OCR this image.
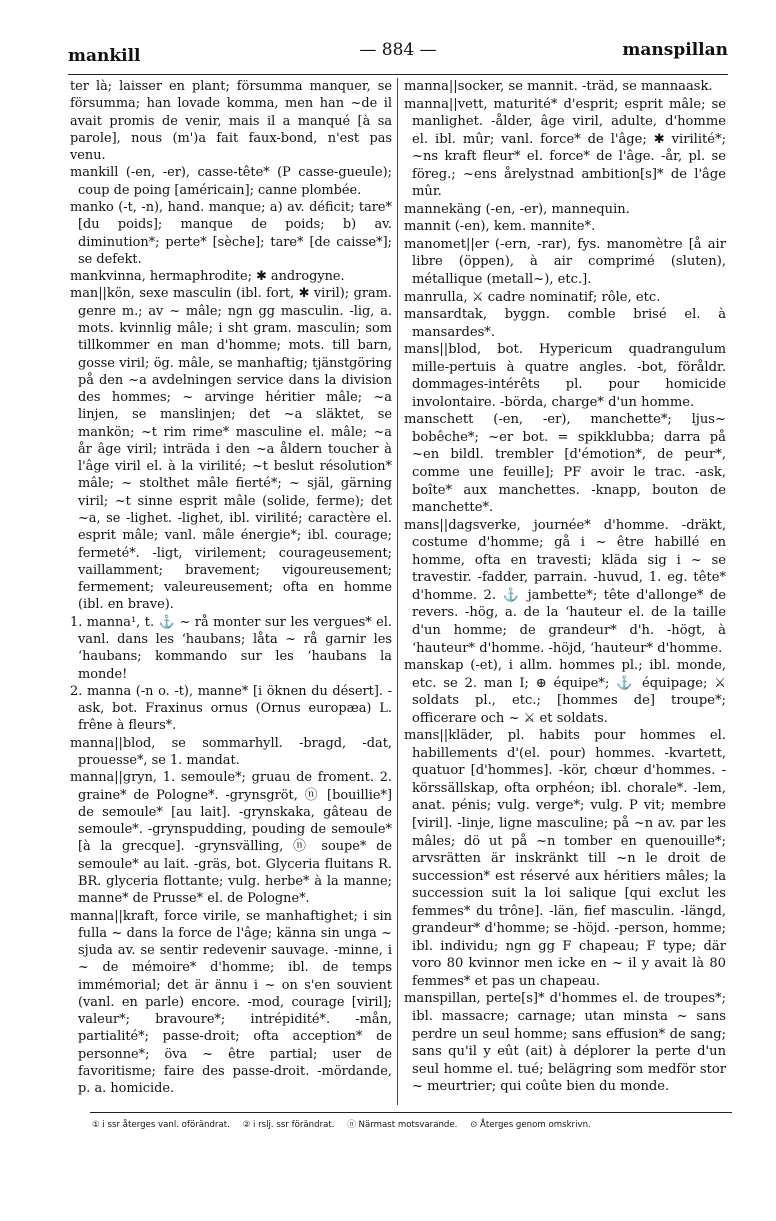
mankill	— 884 —	manspillan

ter là; laisser en plant; försumma manquer, se försumma; han lovade komma, men han ~de il avait promis de venir, mais il a manqué [à sa parole], nous (m')a fait faux-bond, n'est pas venu.

mankill (-en, -er), casse-tête* (P casse-gueule); coup de poing [américain]; canne plombée.

manko (-t, -n), hand. manque; a) av. déficit; tare* [du poids]; manque de poids; b) av. diminution*; perte* [sèche]; tare* [de caisse*]; se defekt.

mankvinna, hermaphrodite; ✱ androgyne.

man||kön, sexe masculin (ibl. fort, ✱ viril); gram. genre m.; av ~ mâle; ngn gg masculin. -lig, a. mots. kvinnlig mâle; i sht gram. masculin; som tillkommer en man d'homme; mots. till barn, gosse viril; ög. mâle, se manhaftig; tjänstgöring på den ~a avdelningen service dans la division des hommes; ~ arvinge héritier mâle; ~a linjen, se manslinjen; det ~a släktet, se mankön; ~t rim rime* masculine el. mâle; ~a år âge viril; inträda i den ~a åldern toucher à l'âge viril el. à la virilité; ~t beslut résolution* mâle; ~ stolthet mâle fierté*; ~ själ, gärning viril; ~t sinne esprit mâle (solide, ferme); det ~a, se -lighet. -lighet, ibl. virilité; caractère el. esprit mâle; vanl. mâle énergie*; ibl. courage; fermeté*. -ligt, virilement; courageusement; vaillamment; bravement; vigoureusement; fermement; valeureusement; ofta en homme (ibl. en brave).

1. manna¹, t. ⚓ ~ rå monter sur les vergues* el. vanl. dans les ʻhaubans; låta ~ rå garnir les ʻhaubans; kommando sur les ʻhaubans la monde!

2. manna (-n o. -t), manne* [i öknen du désert]. -ask, bot. Fraxinus ornus (Ornus europæa) L. frêne à fleurs*.

manna||blod, se sommarhyll. -bragd, -dat, prouesse*, se 1. mandat.

manna||gryn, 1. semoule*; gruau de froment. 2. graine* de Pologne*. -grynsgröt, ⓝ [bouillie*] de semoule* [au lait]. -grynskaka, gâteau de semoule*. -grynspudding, pouding de semoule* [à la grecque]. -grynsvälling, ⓝ soupe* de semoule* au lait. -gräs, bot. Glyceria fluitans R. BR. glyceria flottante; vulg. herbe* à la manne; manne* de Prusse* el. de Pologne*.

manna||kraft, force virile, se manhaftighet; i sin fulla ~ dans la force de l'âge; känna sin unga ~ sjuda av. se sentir redevenir sauvage. -minne, i ~ de mémoire* d'homme; ibl. de temps immémorial; det är ännu i ~ on s'en souvient (vanl. en parle) encore. -mod, courage [viril]; valeur*; bravoure*; intrépidité*. -mån, partialité*; passe-droit; ofta acception* de personne*; öva ~ être partial; user de favoritisme; faire des passe-droit. -mördande, p. a. homicide.

manna||socker, se mannit. -träd, se mannaask.

manna||vett, maturité* d'esprit; esprit mâle; se manlighet. -ålder, âge viril, adulte, d'homme el. ibl. mûr; vanl. force* de l'âge; ✱ virilité*; ~ns kraft fleur* el. force* de l'âge. -år, pl. se föreg.; ~ens årelystnad ambition[s]* de l'âge mûr.

mannekäng (-en, -er), mannequin.

mannit (-en), kem. mannite*.

manomet||er (-ern, -rar), fys. manomètre [å air libre (öppen), à air comprimé (sluten), métallique (metall~), etc.].

manrulla, ⚔ cadre nominatif; rôle, etc.

mansardtak, byggn. comble brisé el. à mansardes*.

mans||blod, bot. Hypericum quadrangulum mille-pertuis à quatre angles. -bot, föråldr. dommages-intérêts pl. pour homicide involontaire. -börda, charge* d'un homme.

manschett (-en, -er), manchette*; ljus~ bobêche*; ~er bot. = spikklubba; darra på ~en bildl. trembler [d'émotion*, de peur*, comme une feuille]; PF avoir le trac. -ask, boîte* aux manchettes. -knapp, bouton de manchette*.

mans||dagsverke, journée* d'homme. -dräkt, costume d'homme; gå i ~ être habillé en homme, ofta en travesti; kläda sig i ~ se travestir. -fadder, parrain. -huvud, 1. eg. tête* d'homme. 2. ⚓ jambette*; tête d'allonge* de revers. -hög, a. de la ʻhauteur el. de la taille d'un homme; de grandeur* d'h. -högt, à ʻhauteur* d'homme. -höjd, ʻhauteur* d'homme.

manskap (-et), i allm. hommes pl.; ibl. monde, etc. se 2. man I; ⊕ équipe*; ⚓ équipage; ⚔ soldats pl., etc.; [hommes de] troupe*; officerare och ~ ⚔ et soldats.

mans||kläder, pl. habits pour hommes el. habillements d'(el. pour) hommes. -kvartett, quatuor [d'hommes]. -kör, chœur d'hommes. -körssällskap, ofta orphéon; ibl. chorale*. -lem, anat. pénis; vulg. verge*; vulg. P vit; membre [viril]. -linje, ligne masculine; på ~n av. par les mâles; dö ut på ~n tomber en quenouille*; arvsrätten är inskränkt till ~n le droit de succession* est réservé aux héritiers mâles; la succession suit la loi salique [qui exclut les femmes* du trône]. -län, fief masculin. -längd, grandeur* d'homme; se -höjd. -person, homme; ibl. individu; ngn gg F chapeau; F type; där voro 80 kvinnor men icke en ~ il y avait là 80 femmes* et pas un chapeau.

manspillan, perte[s]* d'hommes el. de troupes*; ibl. massacre; carnage; utan minsta ~ sans perdre un seul homme; sans effusion* de sang; sans qu'il y eût (ait) à déplorer la perte d'un seul homme el. tué; belägring som medför stor ~ meurtrier; qui coûte bien du monde.

① i ssr återges vanl. oförändrat. ② i rslj. ssr förändrat. ⓝ Närmast motsvarande. ⊙ Återges genom omskrivn.
